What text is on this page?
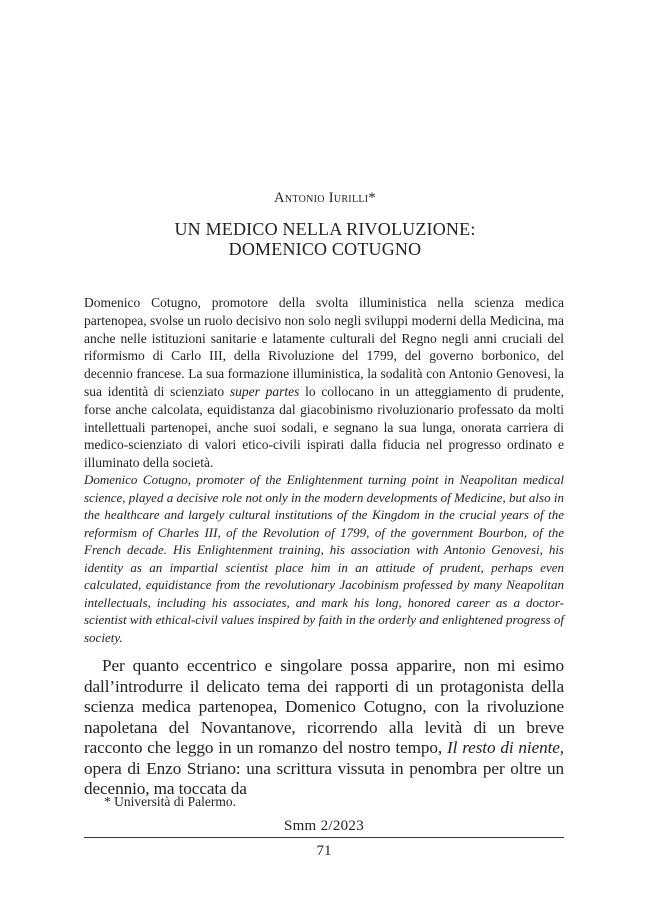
Antonio Iurilli*
UN MEDICO NELLA RIVOLUZIONE:
DOMENICO COTUGNO

Domenico Cotugno, promotore della svolta illuministica nella scienza medica partenopea, svolse un ruolo decisivo non solo negli sviluppi moderni della Medicina, ma anche nelle istituzioni sanitarie e latamente culturali del Regno negli anni cruciali del riformismo di Carlo III, della Rivoluzione del 1799, del governo borbonico, del decennio francese. La sua formazione illuministica, la sodalità con Antonio Genovesi, la sua identità di scienziato super partes lo collocano in un atteggiamento di prudente, forse anche calcolata, equidistanza dal giacobinismo rivoluzionario professato da molti intellettuali partenopei, anche suoi sodali, e segnano la sua lunga, onorata carriera di medico-scienziato di valori etico-civili ispirati dalla fiducia nel progresso ordinato e illuminato della società.

Domenico Cotugno, promoter of the Enlightenment turning point in Neapolitan medical science, played a decisive role not only in the modern developments of Medicine, but also in the healthcare and largely cultural institutions of the Kingdom in the crucial years of the reformism of Charles III, of the Revolution of 1799, of the government Bourbon, of the French decade. His Enlightenment training, his association with Antonio Genovesi, his identity as an impartial scientist place him in an attitude of prudent, perhaps even calculated, equidistance from the revolutionary Jacobinism professed by many Neapolitan intellectuals, including his associates, and mark his long, honored career as a doctor-scientist with ethical-civil values inspired by faith in the orderly and enlightened progress of society.

Per quanto eccentrico e singolare possa apparire, non mi esimo dall’introdurre il delicato tema dei rapporti di un protagonista della scienza medica partenopea, Domenico Cotugno, con la rivoluzione napoletana del Novantanove, ricorrendo alla levità di un breve racconto che leggo in un romanzo del nostro tempo, Il resto di niente, opera di Enzo Striano: una scrittura vissuta in penombra per oltre un decennio, ma toccata da

* Università di Palermo.
Smm 2/2023
71
